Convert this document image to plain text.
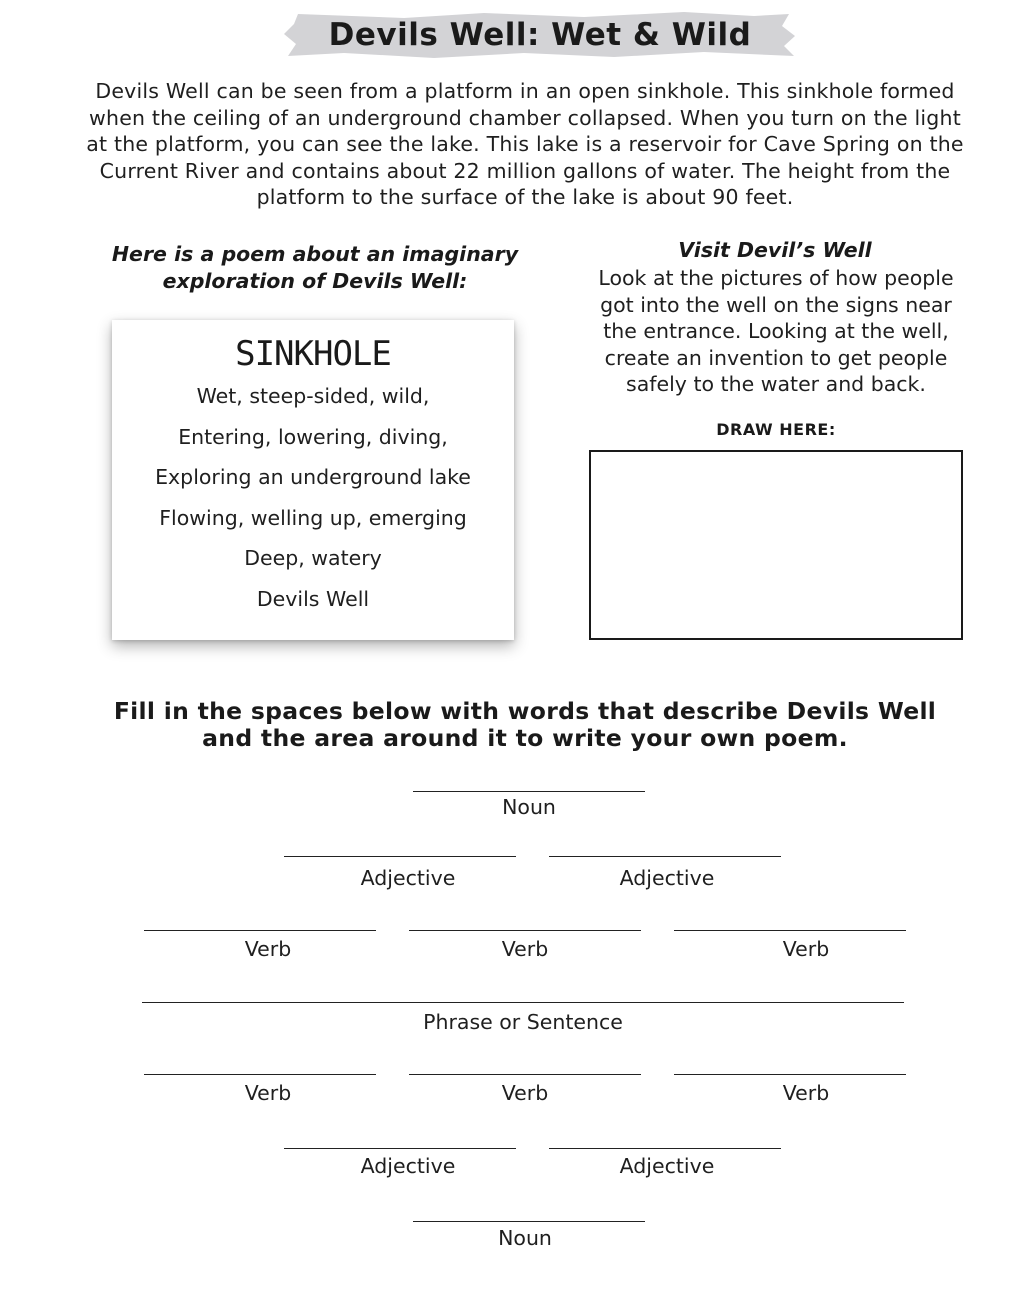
Devils Well: Wet & Wild
Devils Well can be seen from a platform in an open sinkhole. This sinkhole formed
when the ceiling of an underground chamber collapsed. When you turn on the light
at the platform, you can see the lake. This lake is a reservoir for Cave Spring on the
Current River and contains about 22 million gallons of water. The height from the
platform to the surface of the lake is about 90 feet.
Here is a poem about an imaginary
exploration of Devils Well:
SINKHOLE
Wet, steep-sided, wild,
Entering, lowering, diving,
Exploring an underground lake
Flowing, welling up, emerging
Deep, watery
Devils Well
Visit Devil’s Well
Look at the pictures of how people
got into the well on the signs near
the entrance. Looking at the well,
create an invention to get people
safely to the water and back.
DRAW HERE:
Fill in the spaces below with words that describe Devils Well
and the area around it to write your own poem.
Noun
Adjective	Adjective
Verb	Verb	Verb
Phrase or Sentence
Verb	Verb	Verb
Adjective	Adjective
Noun
